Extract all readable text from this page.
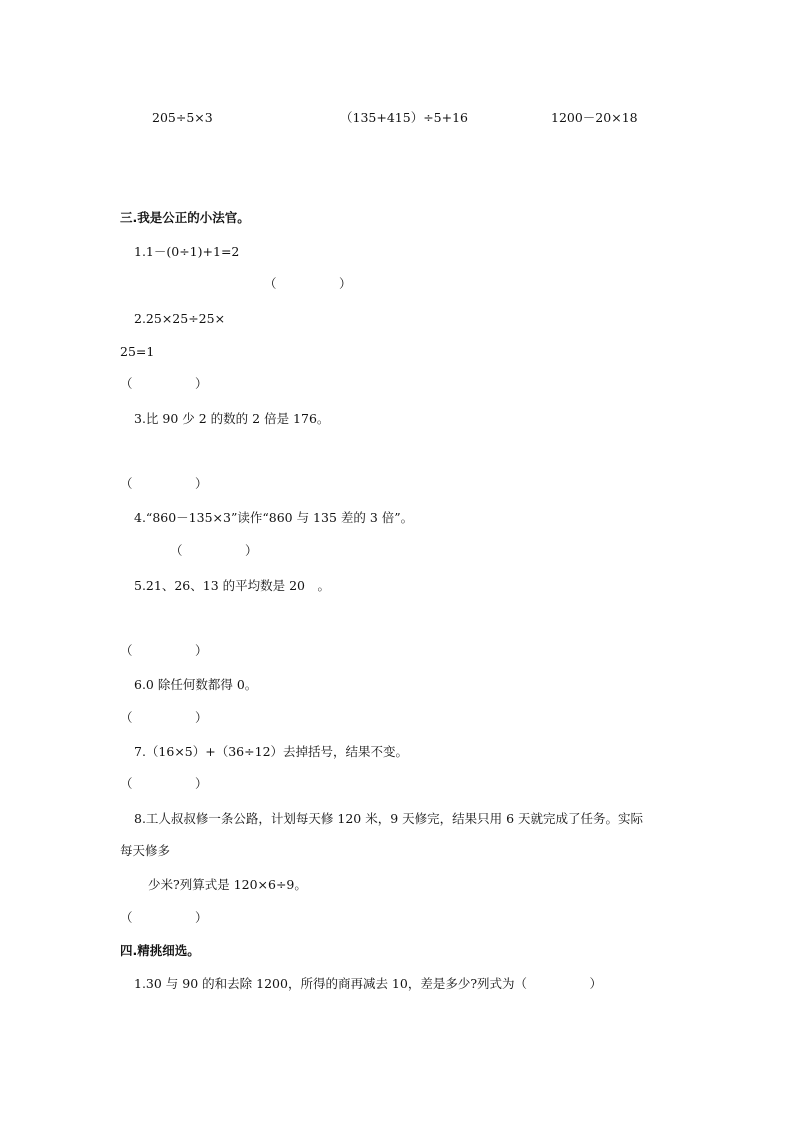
205÷5×3	（135+415）÷5+16	1200－20×18
三.我是公正的小法官。
1.1－(0÷1)+1=2
（　　　　　）
2.25×25÷25×
25=1
（　　　　　）
3.比 90 少 2 的数的 2 倍是 176。
（　　　　　）
4.“860－135×3”读作“860 与 135 差的 3 倍”。
（　　　　　）
5.21、26、13 的平均数是 20　。
（　　　　　）
6.0 除任何数都得 0。
（　　　　　）
7.（16×5）+（36÷12）去掉括号，结果不变。
（　　　　　）
8.工人叔叔修一条公路，计划每天修 120 米，9 天修完，结果只用 6 天就完成了任务。实际
每天修多
少米?列算式是 120×6÷9。
（　　　　　）
四.精挑细选。
1.30 与 90 的和去除 1200，所得的商再减去 10，差是多少?列式为（　　　　　）
